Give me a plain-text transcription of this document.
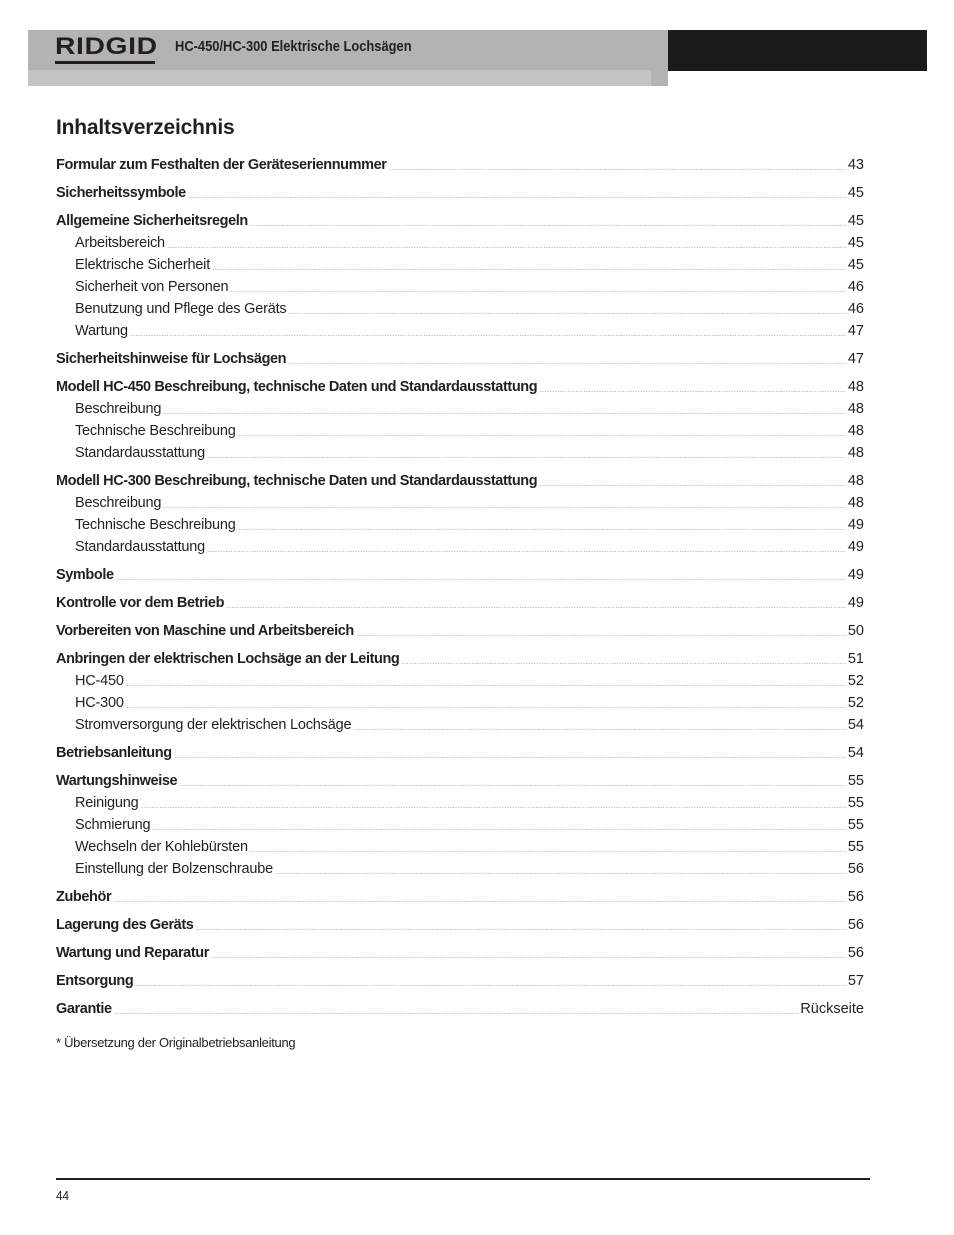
RIDGID	HC-450/HC-300 Elektrische Lochsägen
Inhaltsverzeichnis
Formular zum Festhalten der Geräteseriennummer	43
Sicherheitssymbole	45
Allgemeine Sicherheitsregeln	45
Arbeitsbereich	45
Elektrische Sicherheit	45
Sicherheit von Personen	46
Benutzung und Pflege des Geräts	46
Wartung	47
Sicherheitshinweise für Lochsägen	47
Modell HC-450 Beschreibung, technische Daten und Standardausstattung	48
Beschreibung	48
Technische Beschreibung	48
Standardausstattung	48
Modell HC-300 Beschreibung, technische Daten und Standardausstattung	48
Beschreibung	48
Technische Beschreibung	49
Standardausstattung	49
Symbole	49
Kontrolle vor dem Betrieb	49
Vorbereiten von Maschine und Arbeitsbereich	50
Anbringen der elektrischen Lochsäge an der Leitung	51
HC-450	52
HC-300	52
Stromversorgung der elektrischen Lochsäge	54
Betriebsanleitung	54
Wartungshinweise	55
Reinigung	55
Schmierung	55
Wechseln der Kohlebürsten	55
Einstellung der Bolzenschraube	56
Zubehör	56
Lagerung des Geräts	56
Wartung und Reparatur	56
Entsorgung	57
Garantie	Rückseite
* Übersetzung der Originalbetriebsanleitung
44
